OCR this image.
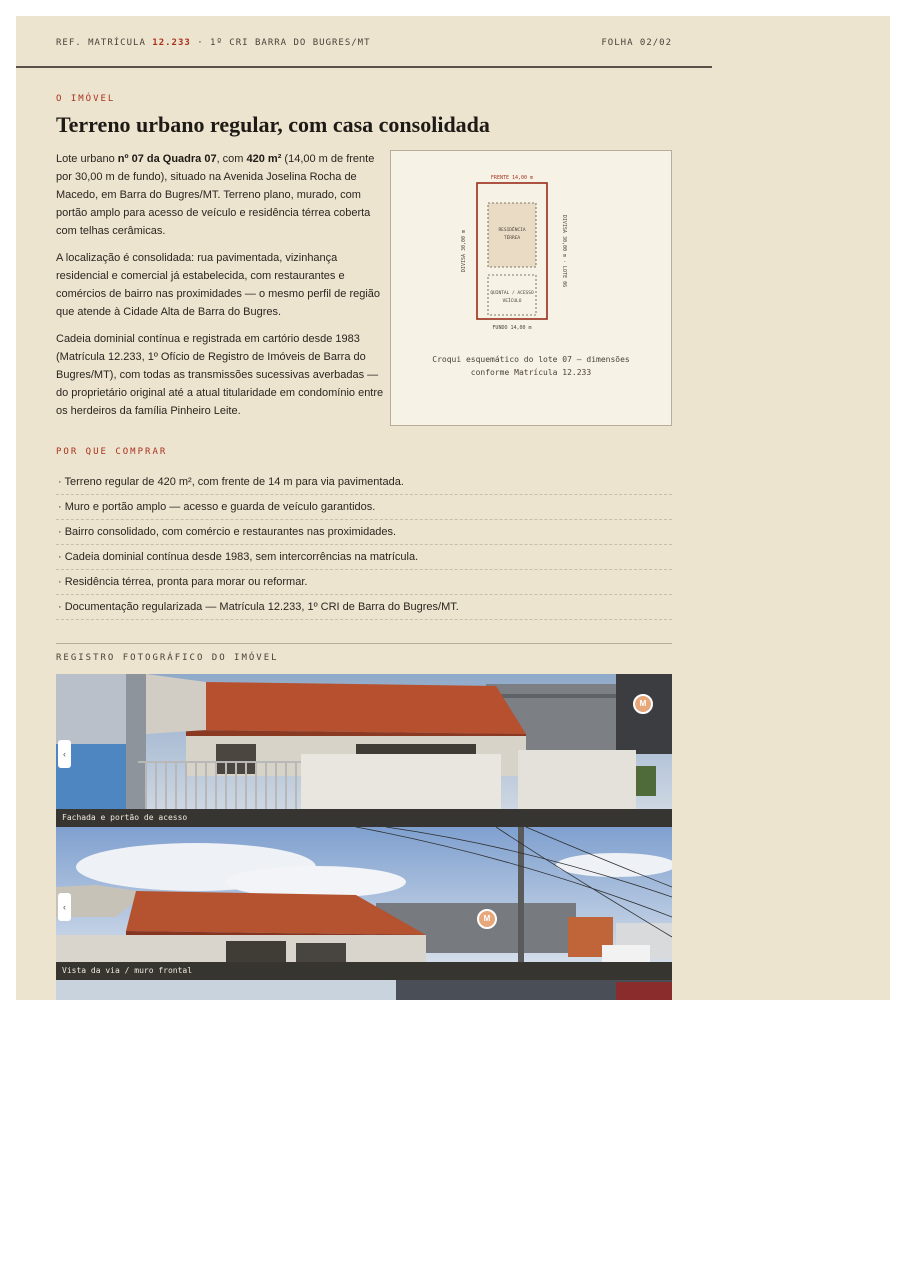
REF. MATRÍCULA 12.233 · 1º CRI BARRA DO BUGRES/MT	FOLHA 02/02
O IMÓVEL
Terreno urbano regular, com casa consolidada

Lote urbano nº 07 da Quadra 07, com 420 m² (14,00 m de frente por 30,00 m de fundo), situado na Avenida Joselina Rocha de Macedo, em Barra do Bugres/MT. Terreno plano, murado, com portão amplo para acesso de veículo e residência térrea coberta com telhas cerâmicas.

A localização é consolidada: rua pavimentada, vizinhança residencial e comercial já estabelecida, com restaurantes e comércios de bairro nas proximidades — o mesmo perfil de região que atende à Cidade Alta de Barra do Bugres.

Cadeia dominial contínua e registrada em cartório desde 1983 (Matrícula 12.233, 1º Ofício de Registro de Imóveis de Barra do Bugres/MT), com todas as transmissões sucessivas averbadas — do proprietário original até a atual titularidade em condomínio entre os herdeiros da família Pinheiro Leite.

FRENTE 14,00 m
FUNDO 14,00 m
DIVISA 30,00 m	DIVISA 30,00 m · LOTE 06
RESIDÊNCIA
TÉRREA
QUINTAL / ACESSO
VEÍCULO
Croqui esquemático do lote 07 — dimensões
conforme Matrícula 12.233
POR QUE COMPRAR
· Terreno regular de 420 m², com frente de 14 m para via pavimentada.
· Muro e portão amplo — acesso e guarda de veículo garantidos.
· Bairro consolidado, com comércio e restaurantes nas proximidades.
· Cadeia dominial contínua desde 1983, sem intercorrências na matrícula.
· Residência térrea, pronta para morar ou reformar.
· Documentação regularizada — Matrícula 12.233, 1º CRI de Barra do Bugres/MT.
REGISTRO FOTOGRÁFICO DO IMÓVEL
‹
M
Fachada e portão de acesso
‹
M
Vista da via / muro frontal
